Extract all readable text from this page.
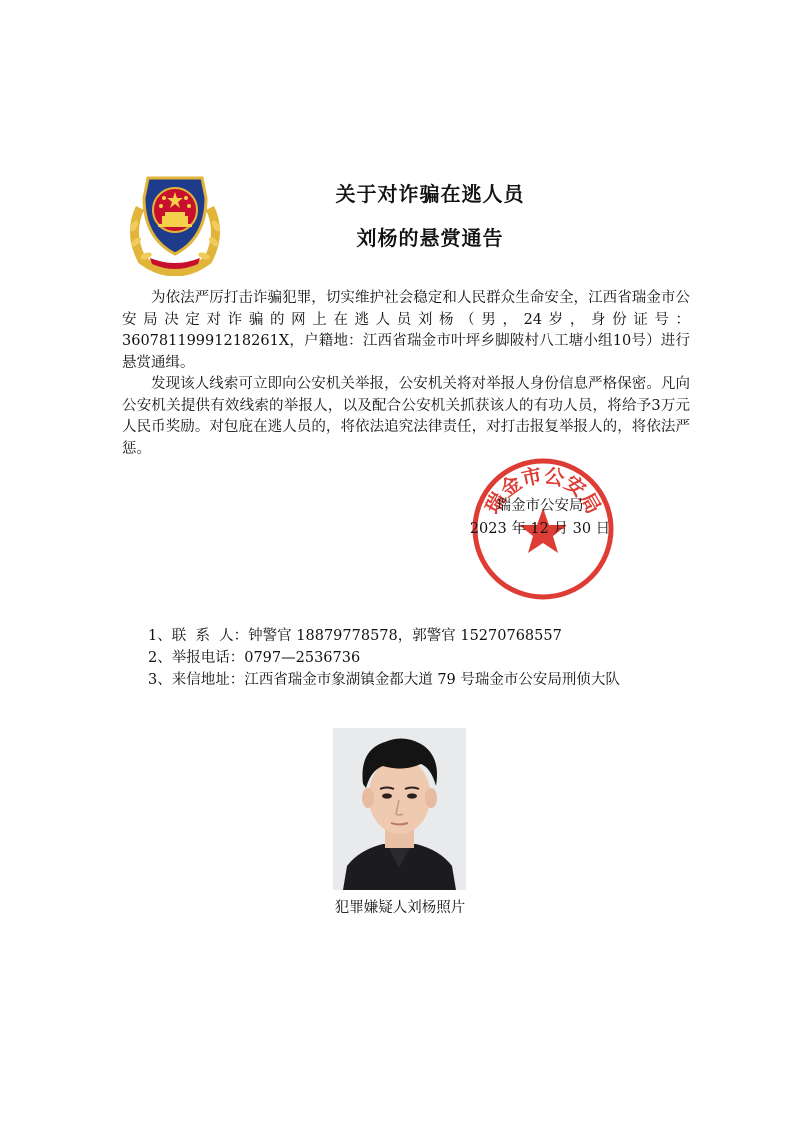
关于对诈骗在逃人员
刘杨的悬赏通告
为依法严厉打击诈骗犯罪，切实维护社会稳定和人民群众生命安全，江西省瑞金市公安局决定对诈骗的网上在逃人员刘杨（男，24岁，身份证号：36078119991218261X，户籍地：江西省瑞金市叶坪乡脚陂村八工塘小组10号）进行悬赏通缉。
发现该人线索可立即向公安机关举报，公安机关将对举报人身份信息严格保密。凡向公安机关提供有效线索的举报人，以及配合公安机关抓获该人的有功人员，将给予3万元人民币奖励。对包庇在逃人员的，将依法追究法律责任，对打击报复举报人的，将依法严惩。
瑞金市公安局
瑞金市公安局
2023 年 12 月 30 日
1、联  系  人：钟警官 18879778578，郭警官 15270768557
2、举报电话：0797—2536736
3、来信地址：江西省瑞金市象湖镇金都大道 79 号瑞金市公安局刑侦大队
犯罪嫌疑人刘杨照片
